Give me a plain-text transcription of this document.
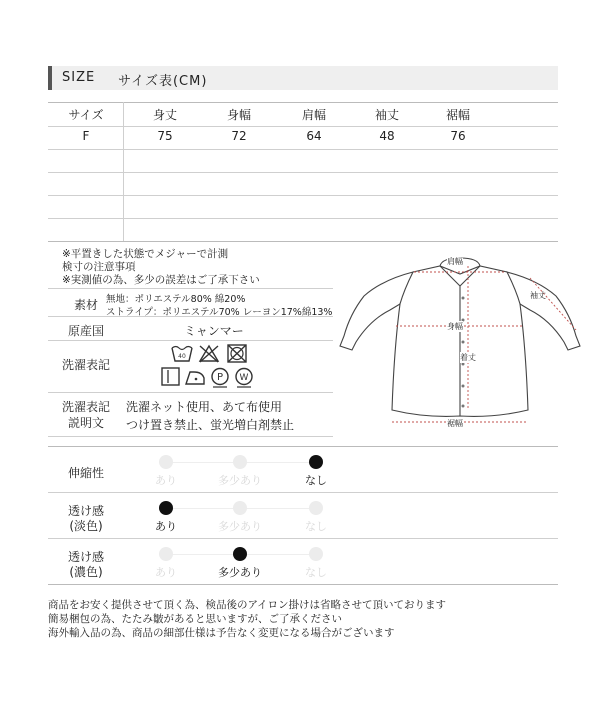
SIZE サイズ表(CM)
サイズ	身丈	身幅	肩幅	袖丈	裾幅
F	75	72	64	48	76
※平置きした状態でメジャーで計測
検寸の注意事項
※実測値の為、多少の誤差はご了承下さい
素材 無地：ポリエステル80% 綿20%
ストライプ：ポリエステル70% レーヨン17%綿13%
原産国	ミャンマー
洗濯表記
40
P W
洗濯表記
説明文
洗濯ネット使用、あて布使用
つけ置き禁止、蛍光増白剤禁止
肩幅
袖丈
身幅
着丈
裾幅
伸縮性
あり	多少あり	なし
透け感
(淡色)	あり	多少あり	なし
透け感
(濃色)	あり	多少あり	なし
商品をお安く提供させて頂く為、検品後のアイロン掛けは省略させて頂いております
簡易梱包の為、たたみ皺があると思いますが、ご了承ください
海外輸入品の為、商品の細部仕様は予告なく変更になる場合がございます
